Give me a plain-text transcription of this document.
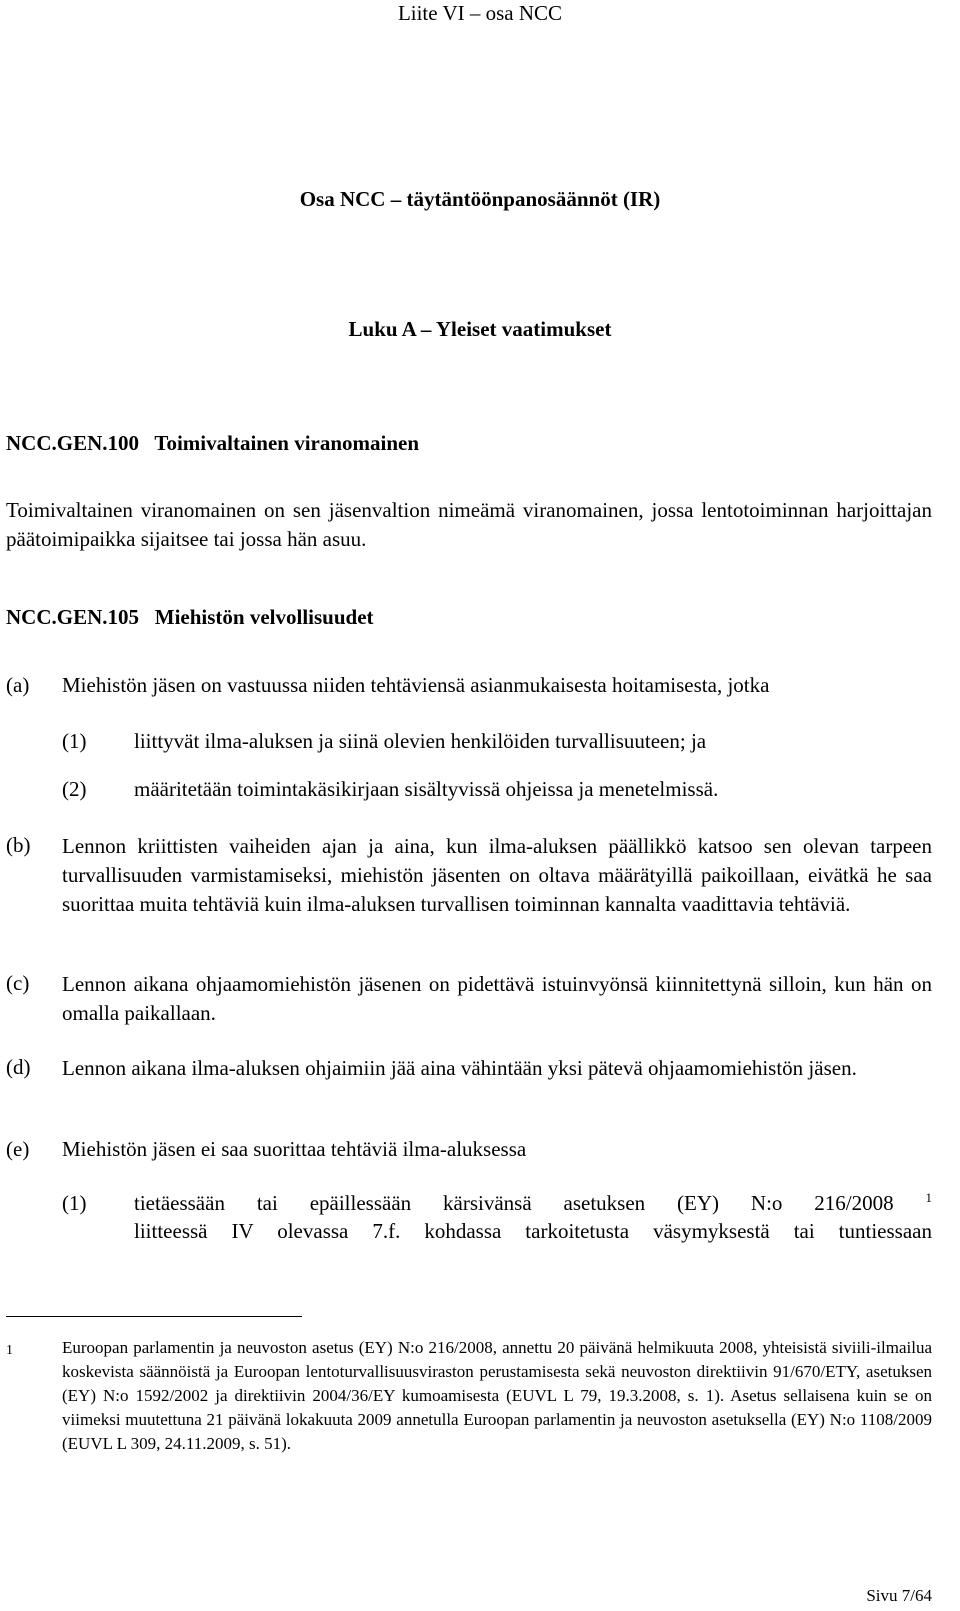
Liite VI – osa NCC
Osa NCC – täytäntöönpanosäännöt (IR)
Luku A – Yleiset vaatimukset
NCC.GEN.100   Toimivaltainen viranomainen
Toimivaltainen viranomainen on sen jäsenvaltion nimeämä viranomainen, jossa lentotoiminnan harjoittajan päätoimipaikka sijaitsee tai jossa hän asuu.
NCC.GEN.105   Miehistön velvollisuudet
(a) Miehistön jäsen on vastuussa niiden tehtäviensä asianmukaisesta hoitamisesta, jotka
(1) liittyvät ilma-aluksen ja siinä olevien henkilöiden turvallisuuteen; ja
(2) määritetään toimintakäsikirjaan sisältyvissä ohjeissa ja menetelmissä.
(b) Lennon kriittisten vaiheiden ajan ja aina, kun ilma-aluksen päällikkö katsoo sen olevan tarpeen turvallisuuden varmistamiseksi, miehistön jäsenten on oltava määrätyillä paikoillaan, eivätkä he saa suorittaa muita tehtäviä kuin ilma-aluksen turvallisen toiminnan kannalta vaadittavia tehtäviä.
(c) Lennon aikana ohjaamomiehistön jäsenen on pidettävä istuinvyönsä kiinnitettynä silloin, kun hän on omalla paikallaan.
(d) Lennon aikana ilma-aluksen ohjaimiin jää aina vähintään yksi pätevä ohjaamomiehistön jäsen.
(e) Miehistön jäsen ei saa suorittaa tehtäviä ilma-aluksessa
(1) tietäessään tai epäillessään kärsivänsä asetuksen (EY) N:o 216/2008 $^1$
liitteessä IV olevassa 7.f. kohdassa tarkoitetusta väsymyksestä tai tuntiessaan
1	Euroopan parlamentin ja neuvoston asetus (EY) N:o 216/2008, annettu 20 päivänä helmikuuta 2008, yhteisistä siviili-ilmailua koskevista säännöistä ja Euroopan lentoturvallisuusviraston perustamisesta sekä neuvoston direktiivin 91/670/ETY, asetuksen (EY) N:o 1592/2002 ja direktiivin 2004/36/EY kumoamisesta (EUVL L 79, 19.3.2008, s. 1). Asetus sellaisena kuin se on viimeksi muutettuna 21 päivänä lokakuuta 2009 annetulla Euroopan parlamentin ja neuvoston asetuksella (EY) N:o 1108/2009 (EUVL L 309, 24.11.2009, s. 51).
Sivu 7/64
